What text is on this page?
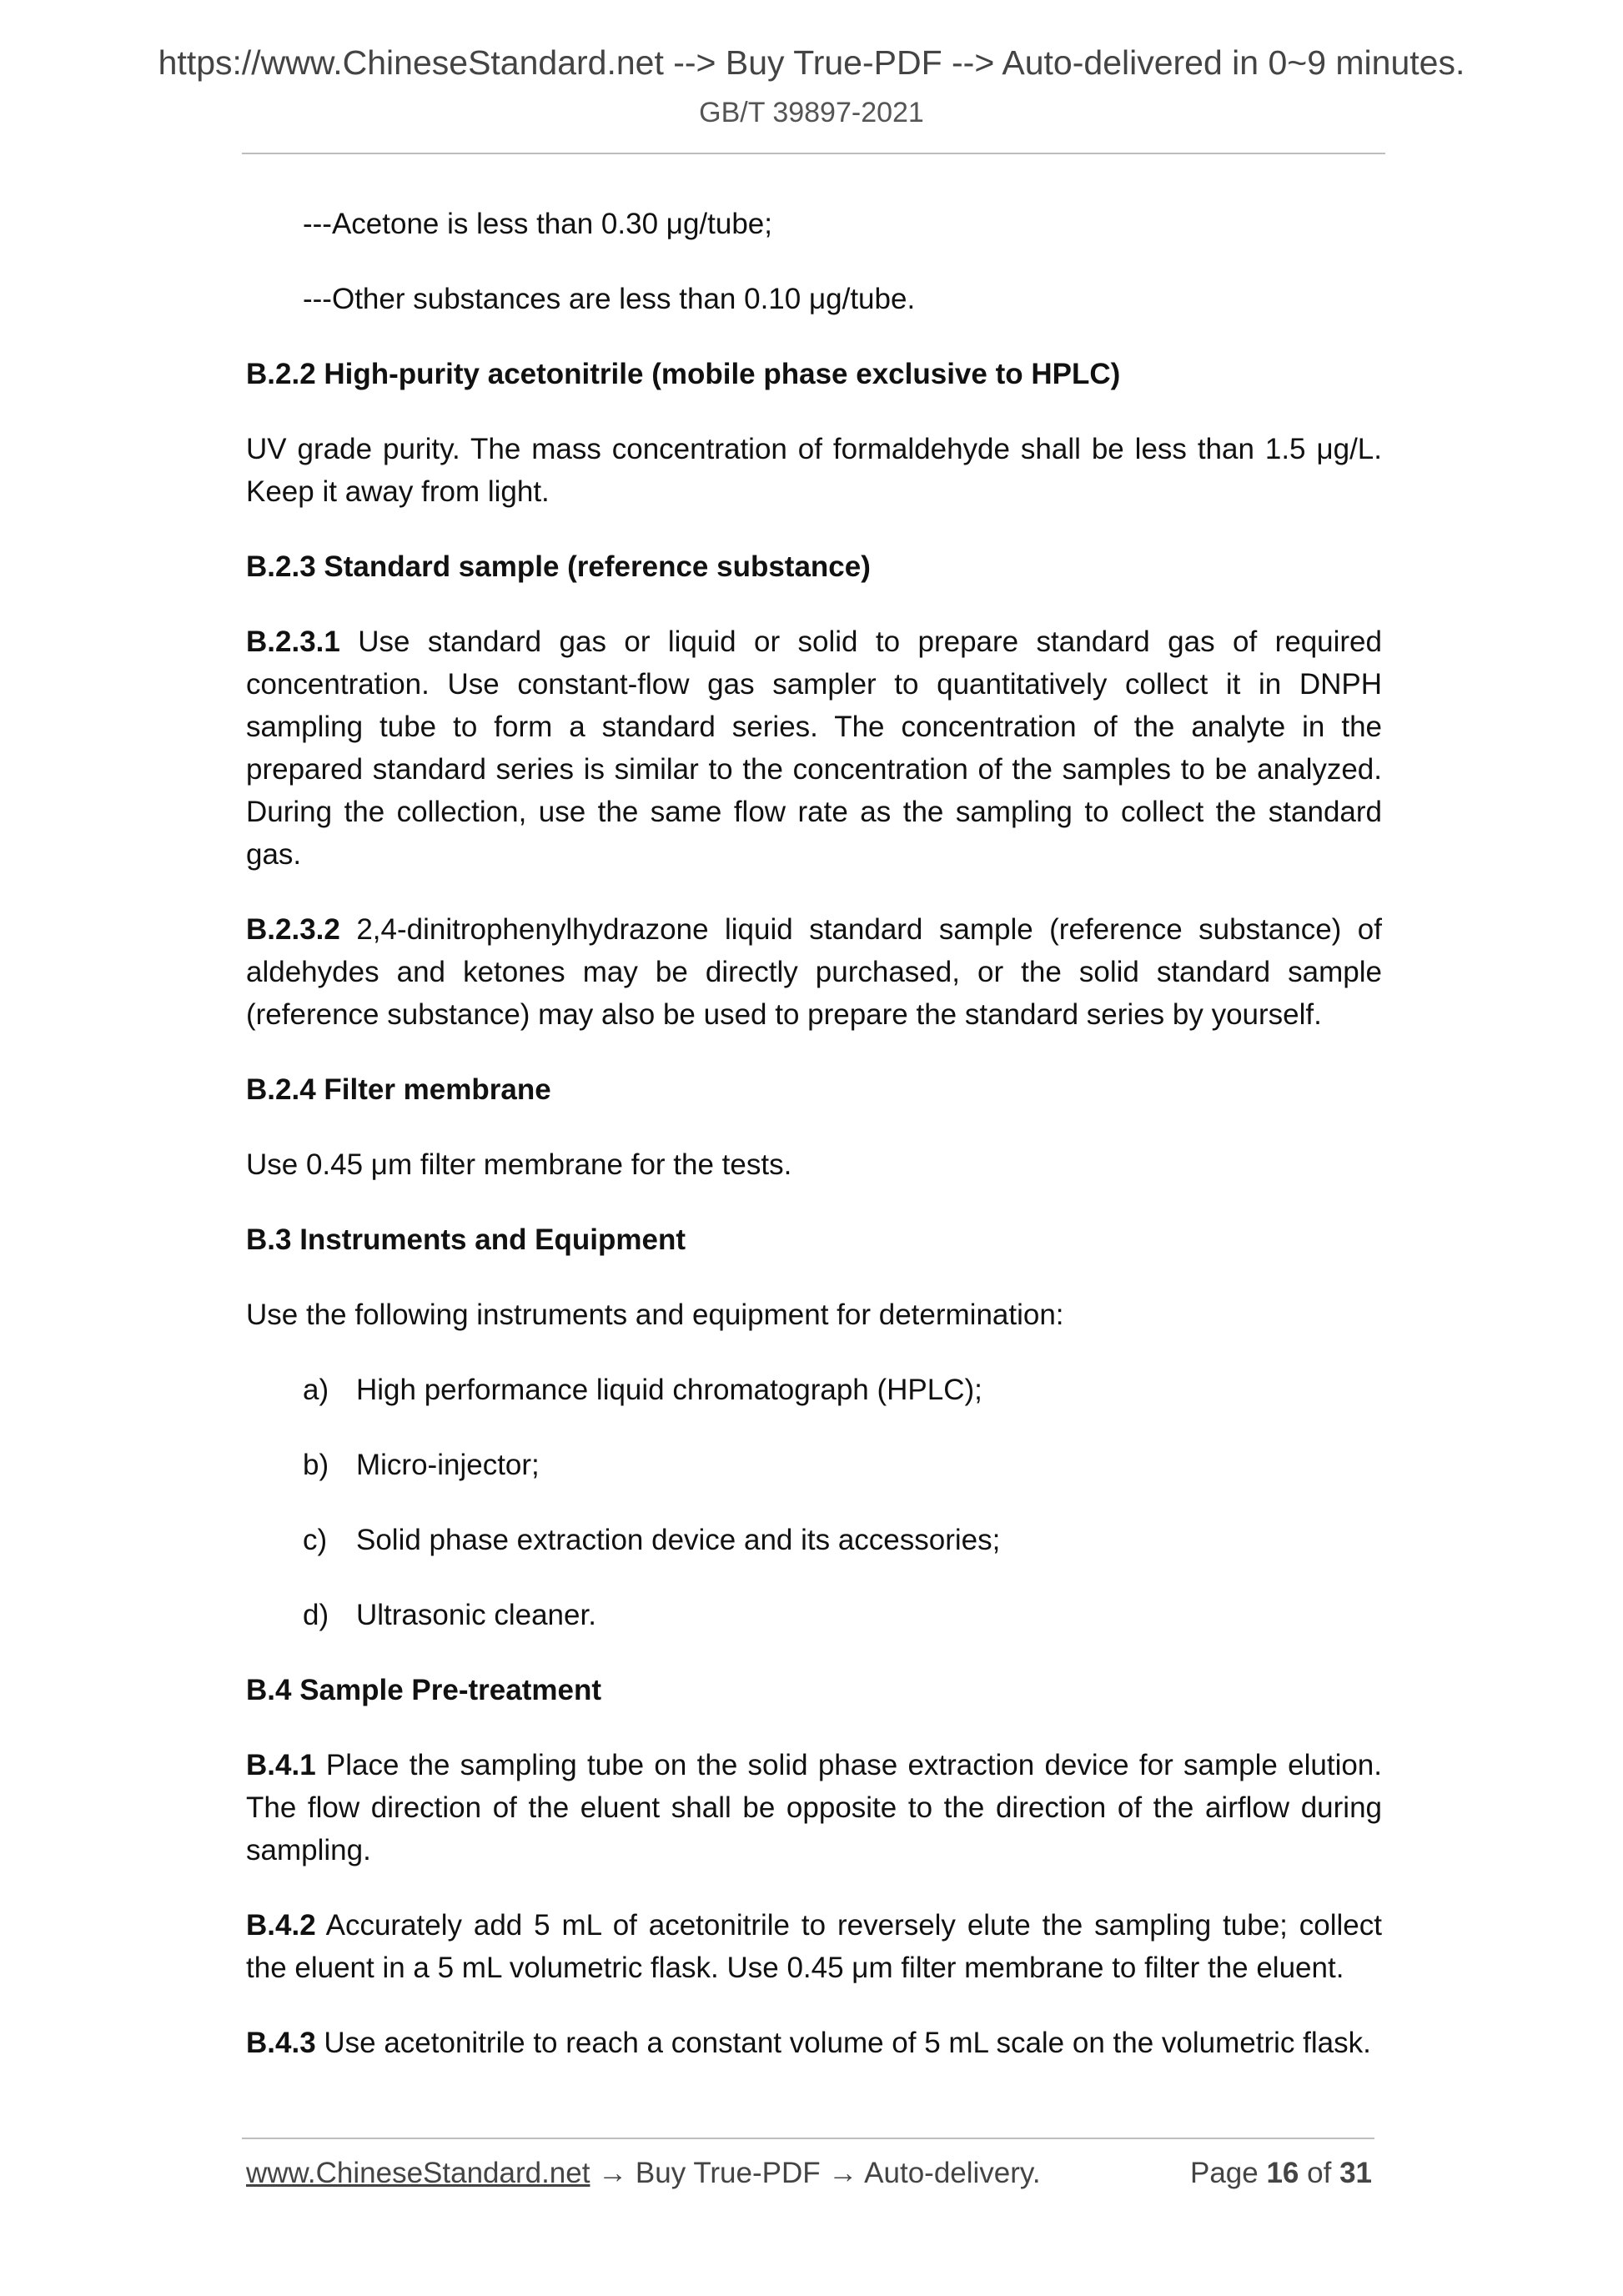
https://www.ChineseStandard.net --> Buy True-PDF --> Auto-delivered in 0~9 minutes.
GB/T 39897-2021
---Acetone is less than 0.30 μg/tube;
---Other substances are less than 0.10 μg/tube.
B.2.2 High-purity acetonitrile (mobile phase exclusive to HPLC)
UV grade purity. The mass concentration of formaldehyde shall be less than 1.5 μg/L. Keep it away from light.
B.2.3 Standard sample (reference substance)
B.2.3.1 Use standard gas or liquid or solid to prepare standard gas of required concentration. Use constant-flow gas sampler to quantitatively collect it in DNPH sampling tube to form a standard series. The concentration of the analyte in the prepared standard series is similar to the concentration of the samples to be analyzed. During the collection, use the same flow rate as the sampling to collect the standard gas.
B.2.3.2 2,4-dinitrophenylhydrazone liquid standard sample (reference substance) of aldehydes and ketones may be directly purchased, or the solid standard sample (reference substance) may also be used to prepare the standard series by yourself.
B.2.4 Filter membrane
Use 0.45 μm filter membrane for the tests.
B.3 Instruments and Equipment
Use the following instruments and equipment for determination:
a) High performance liquid chromatograph (HPLC);
b) Micro-injector;
c) Solid phase extraction device and its accessories;
d) Ultrasonic cleaner.
B.4 Sample Pre-treatment
B.4.1 Place the sampling tube on the solid phase extraction device for sample elution. The flow direction of the eluent shall be opposite to the direction of the airflow during sampling.
B.4.2 Accurately add 5 mL of acetonitrile to reversely elute the sampling tube; collect the eluent in a 5 mL volumetric flask. Use 0.45 μm filter membrane to filter the eluent.
B.4.3 Use acetonitrile to reach a constant volume of 5 mL scale on the volumetric flask.
www.ChineseStandard.net → Buy True-PDF → Auto-delivery.	Page 16 of 31
